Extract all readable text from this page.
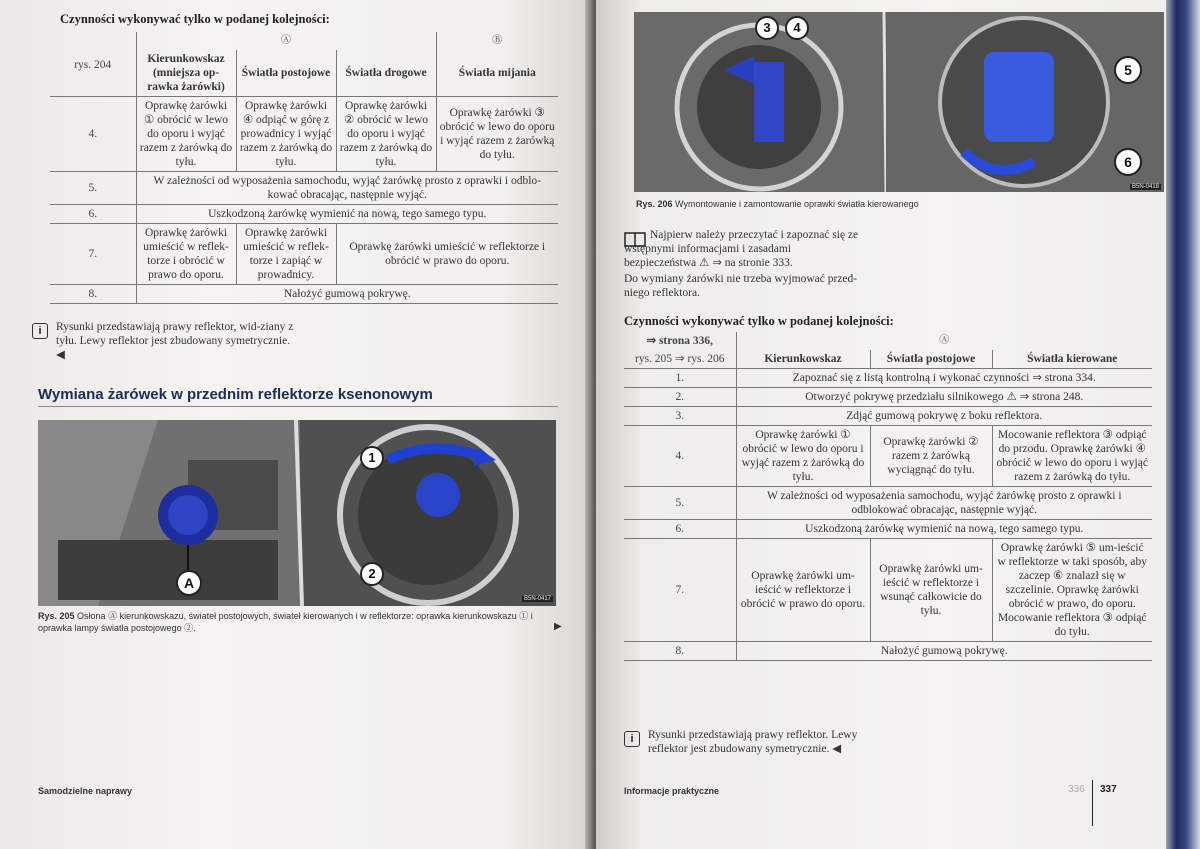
Czynności wykonywać tylko w podanej kolejności:
rys. 204	Ⓐ			Ⓑ
	Kierunkowskaz (mniejsza op-rawka żarówki)	Światła postojowe	Światła drogowe	Światła mijania
4.	Oprawkę żarówki ① obrócić w lewo do oporu i wyjąć razem z żarówką do tyłu.	Oprawkę żarówki ④ odpiąć w górę z prowadnicy i wyjąć razem z żarówką do tyłu.	Oprawkę żarówki ② obrócić w lewo do oporu i wyjąć razem z żarówką do tyłu.	Oprawkę żarówki ③ obrócić w lewo do oporu i wyjąć razem z żarówką do tyłu.
5.	W zależności od wyposażenia samochodu, wyjąć żarówkę prosto z oprawki i odblo-kować obracając, następnie wyjąć.			
6.	Uszkodzoną żarówkę wymienić na nową, tego samego typu.			
7.	Oprawkę żarówki umieścić w reflek-torze i obrócić w prawo do oporu.	Oprawkę żarówki umieścić w reflek-torze i zapiąć w prowadnicy.	Oprawkę żarówki umieścić w reflektorze i obrócić w prawo do oporu.	
8.	Nałożyć gumową pokrywę.			
i	Rysunki przedstawiają prawy reflektor, wid-ziany z tyłu. Lewy reflektor jest zbudowany symetrycznie. ◀
Wymiana żarówek w przednim reflektorze ksenonowym
A
1
2
B5N-0417
Rys. 205 Osłona Ⓐ kierunkowskazu, świateł postojowych, świateł kierowanych i w reflektorze: oprawka kierunkowskazu ① i oprawka lampy światła postojowego ②.	▶
Samodzielne naprawy
3	4
5
6
B5N-0418
Rys. 206 Wymontowanie i zamontowanie oprawki światła kierowanego
Najpierw należy przeczytać i zapoznać się ze wstępnymi informacjami i zasadami bezpieczeństwa ⚠ ⇒ na stronie 333.
Do wymiany żarówki nie trzeba wyjmować przed-niego reflektora.
Czynności wykonywać tylko w podanej kolejności:
⇒ strona 336,	Ⓐ		
rys. 205 ⇒ rys. 206	Kierunkowskaz	Światła postojowe	Światła kierowane
1.	Zapoznać się z listą kontrolną i wykonać czynności ⇒ strona 334.		
2.	Otworzyć pokrywę przedziału silnikowego ⚠ ⇒ strona 248.		
3.	Zdjąć gumową pokrywę z boku reflektora.		
4.	Oprawkę żarówki ① obrócić w lewo do oporu i wyjąć razem z żarówką do tyłu.	Oprawkę żarówki ② razem z żarówką wyciągnąć do tyłu.	Mocowanie reflektora ③ odpiąć do przodu. Oprawkę żarówki ④ obrócić w lewo do oporu i wyjąć razem z żarówką do tyłu.
5.	W zależności od wyposażenia samochodu, wyjąć żarówkę prosto z oprawki i odblokować obracając, następnie wyjąć.		
6.	Uszkodzoną żarówkę wymienić na nową, tego samego typu.		
7.	Oprawkę żarówki um-ieścić w reflektorze i obrócić w prawo do oporu.	Oprawkę żarówki um-ieścić w reflektorze i wsunąć całkowicie do tyłu.	Oprawkę żarówki ⑤ um-ieścić w reflektorze w taki sposób, aby zaczep ⑥ znalazł się w szczelinie. Oprawkę żarówki obrócić w prawo, do oporu. Mocowanie reflektora ③ odpiąć do tyłu.
8.	Nałożyć gumową pokrywę.		
i	Rysunki przedstawiają prawy reflektor. Lewy reflektor jest zbudowany symetrycznie. ◀
Informacje praktyczne	336 337
